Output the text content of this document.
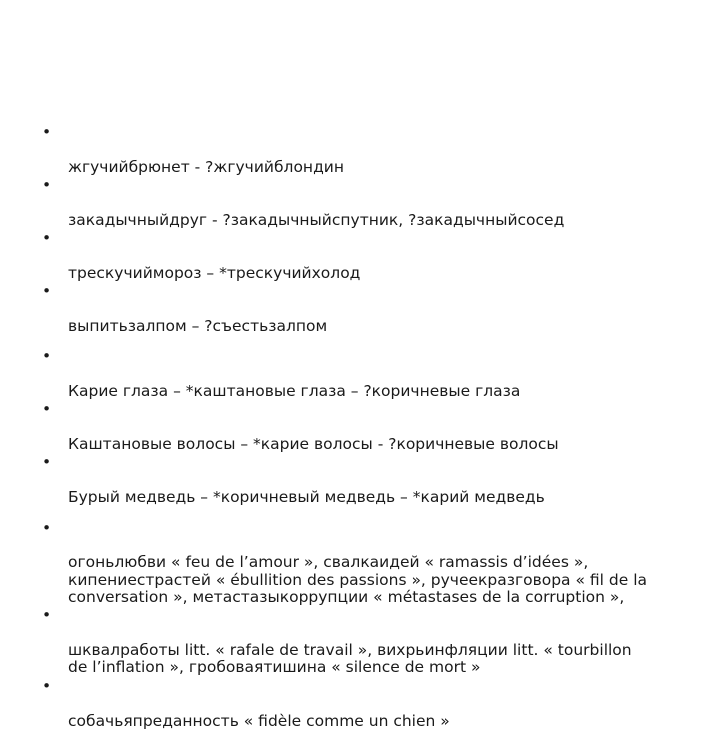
•

жгучийбрюнет - ?жгучийблондин

•

закадычныйдруг - ?закадычныйспутник, ?закадычныйсосед

•

трескучиймороз – *трескучийхолод

•

выпитьзалпом – ?съестьзалпом

•

Карие глаза – *каштановые глаза – ?коричневые глаза

•

Каштановые волосы – *карие волосы - ?коричневые волосы

•

Бурый медведь – *коричневый медведь – *карий медведь

•

огоньлюбви « feu de l’amour », свалкаидей « ramassis d’idées »,
кипениестрастей « ébullition des passions », ручеекразговора « fil de la
conversation », метастазыкоррупции « métastases de la corruption »,

•

шквалработы litt. « rafale de travail », вихрьинфляции litt. « tourbillon
de l’inflation », гробоваятишина « silence de mort »

•

собачьяпреданность « fidèle comme un chien »
